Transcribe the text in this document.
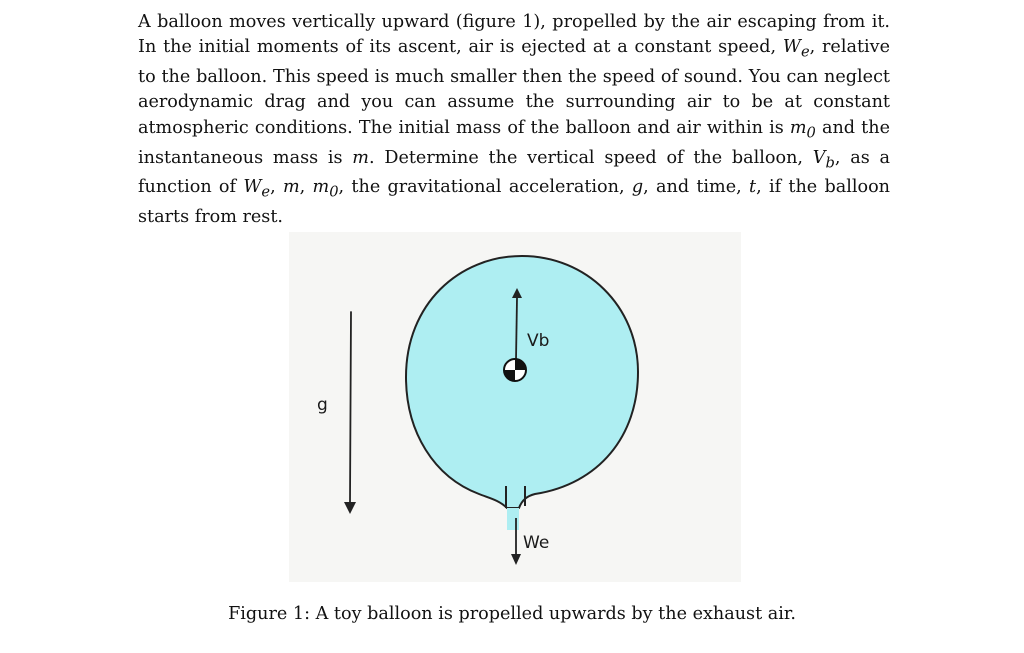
A balloon moves vertically upward (figure 1), propelled by the air escaping from it. In the initial moments of its ascent, air is ejected at a constant speed, $W_e$, relative to the balloon. This speed is much smaller then the speed of sound. You can neglect aerodynamic drag and you can assume the surrounding air to be at constant atmospheric conditions. The initial mass of the balloon and air within is $m_0$ and the instantaneous mass is m. Determine the vertical speed of the balloon, $V_b$, as a function of $W_e$, m, $m_0$, the gravitational acceleration, g, and time, t, if the balloon starts from rest.

g
Vb
We

Figure 1: A toy balloon is propelled upwards by the exhaust air.
